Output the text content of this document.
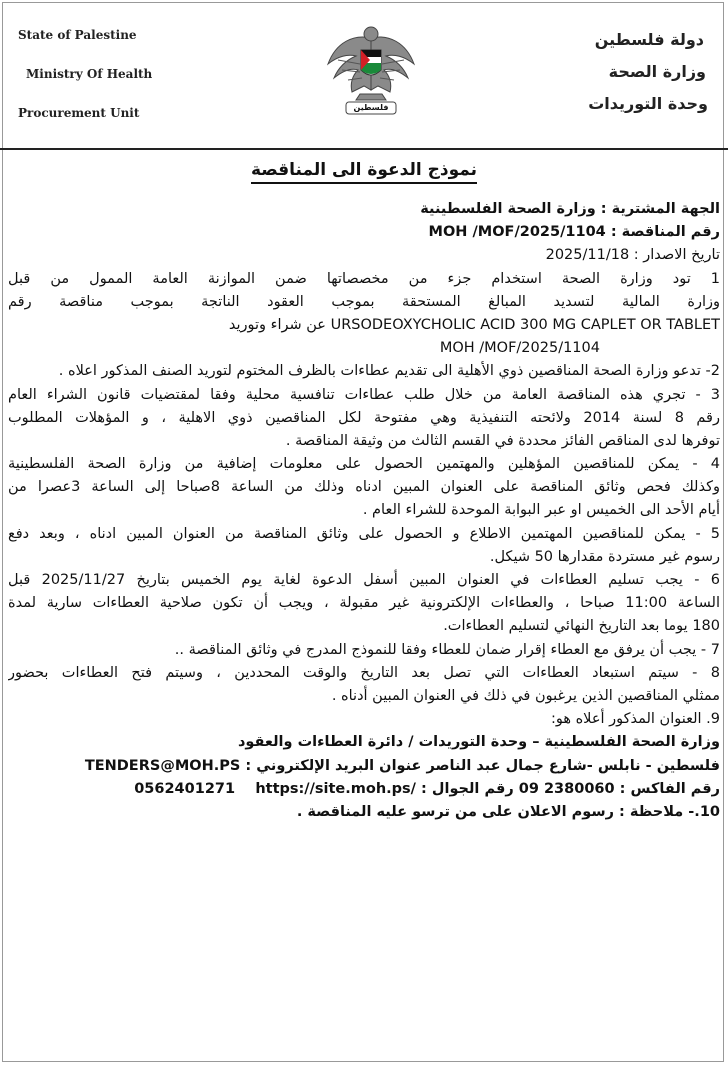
State of Palestine
Ministry Of Health
Procurement Unit	فلسطين
دولة فلسطين
وزارة الصحة
وحدة التوريدات
نموذج الدعوة الى المناقصة
الجهة المشترية : وزارة الصحة الفلسطينية
رقم المناقصة : MOH /MOF/2025/1104
تاريخ الاصدار : 2025/11/18
1 تود وزارة الصحة استخدام جزء من مخصصاتها ضمن الموازنة العامة الممول من قبل
وزارة المالية لتسديد المبالغ المستحقة بموجب العقود الناتجة بموجب مناقصة رقم
URSODEOXYCHOLIC ACID 300 MG CAPLET OR TABLET عن شراء وتوريد
MOH /MOF/2025/1104
2- تدعو وزارة الصحة المناقصين ذوي الأهلية الى تقديم عطاءات بالظرف المختوم لتوريد الصنف المذكور اعلاه .
3 - تجري هذه المناقصة العامة من خلال طلب عطاءات تنافسية محلية وفقا لمقتضيات قانون الشراء العام
رقم 8 لسنة 2014 ولائحته التنفيذية وهي مفتوحة لكل المناقصين ذوي الاهلية ، و المؤهلات المطلوب
توفرها لدى المناقص الفائز محددة في القسم الثالث من وثيقة المناقصة .
4 - يمكن للمناقصين المؤهلين والمهتمين الحصول على معلومات إضافية من وزارة الصحة الفلسطينية
وكذلك فحص وثائق المناقصة على العنوان المبين ادناه وذلك من الساعة 8صباحا إلى الساعة 3عصرا من
أيام الأحد الى الخميس او عبر البوابة الموحدة للشراء العام .
5 - يمكن للمناقصين المهتمين الاطلاع و الحصول على وثائق المناقصة من العنوان المبين ادناه ، وبعد دفع
رسوم غير مستردة مقدارها 50 شيكل.
6 - يجب تسليم العطاءات في العنوان المبين أسفل الدعوة لغاية يوم الخميس بتاريخ 2025/11/27 قبل
الساعة 11:00 صباحا ، والعطاءات الإلكترونية غير مقبولة ، ويجب أن تكون صلاحية العطاءات سارية لمدة
180 يوما بعد التاريخ النهائي لتسليم العطاءات.
7 - يجب أن يرفق مع العطاء إقرار ضمان للعطاء وفقا للنموذج المدرج في وثائق المناقصة ..
8 - سيتم استبعاد العطاءات التي تصل بعد التاريخ والوقت المحددين ، وسيتم فتح العطاءات بحضور
ممثلي المناقصين الذين يرغبون في ذلك في العنوان المبين أدناه .
9. العنوان المذكور أعلاه هو:
وزارة الصحة الفلسطينية – وحدة التوريدات / دائرة العطاءات والعقود
فلسطين - نابلس -شارع جمال عبد الناصر عنوان البريد الإلكتروني : TENDERS@MOH.PS
رقم الفاكس : 09 2380060 رقم الجوال : 0562401271 https://site.moh.ps/
10.- ملاحظة : رسوم الاعلان على من ترسو عليه المناقصة .
